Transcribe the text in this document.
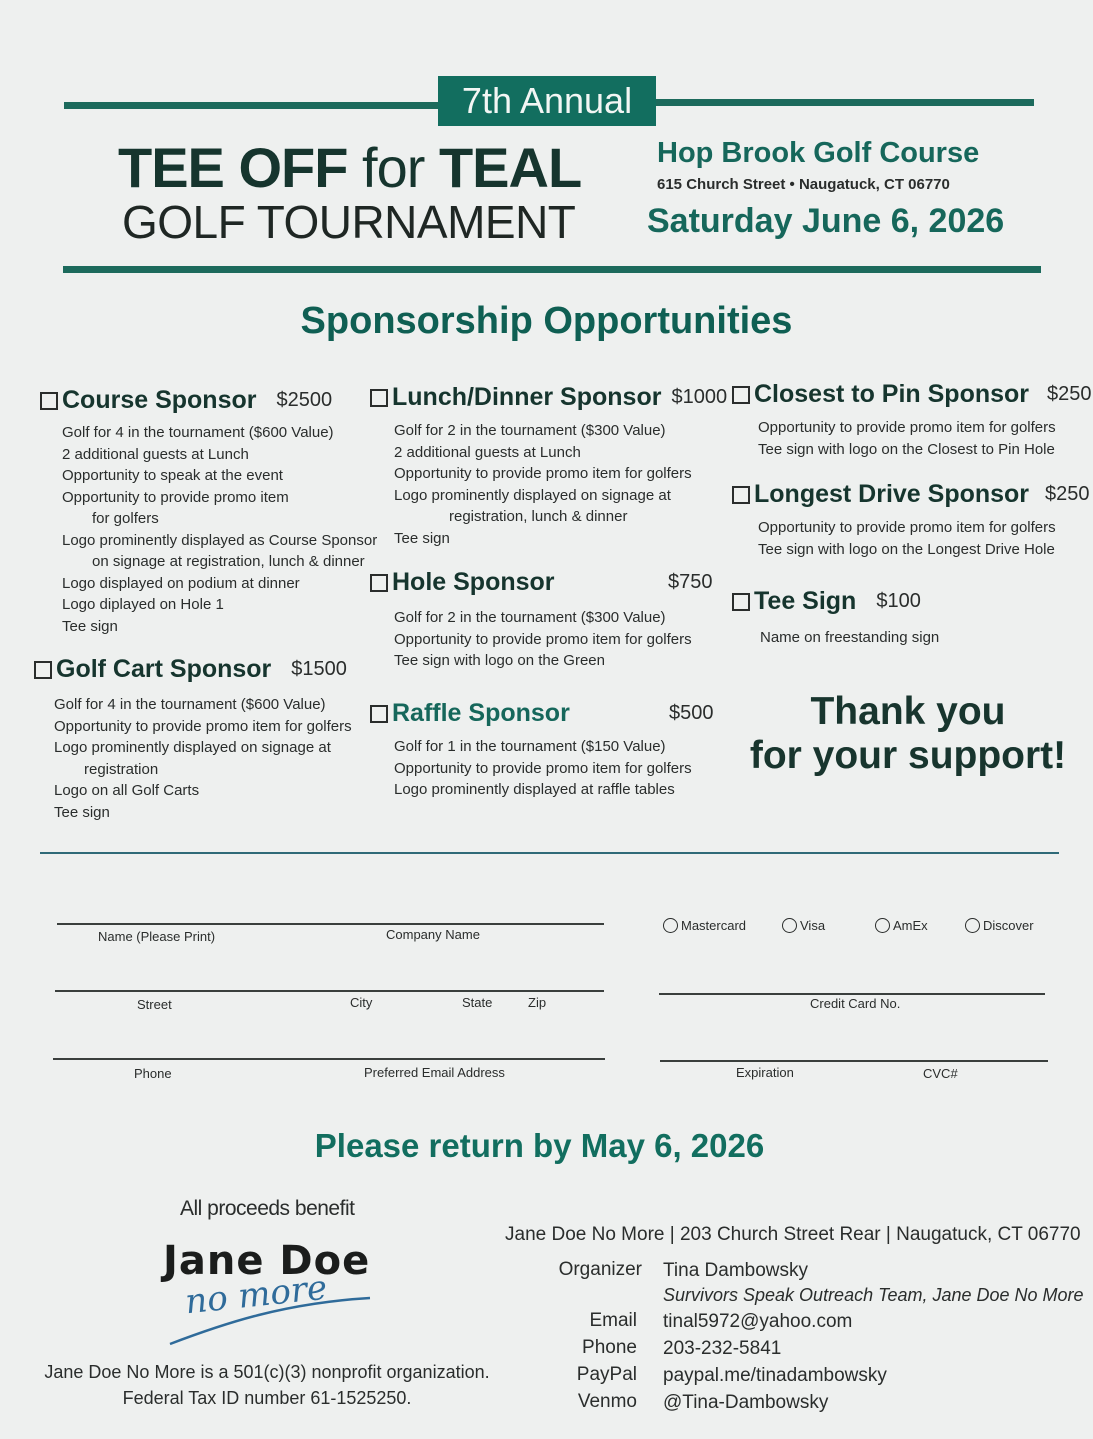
7th Annual
TEE OFF for TEAL
GOLF TOURNAMENT
Hop Brook Golf Course
615 Church Street • Naugatuck, CT 06770
Saturday June 6, 2026
Sponsorship Opportunities
Course Sponsor $2500
Golf for 4 in the tournament ($600 Value)
2 additional guests at Lunch
Opportunity to speak at the event
Opportunity to provide promo item
for golfers
Logo prominently displayed as Course Sponsor
on signage at registration, lunch & dinner
Logo displayed on podium at dinner
Logo diplayed on Hole 1
Tee sign
Golf Cart Sponsor $1500
Golf for 4 in the tournament ($600 Value)
Opportunity to provide promo item for golfers
Logo prominently displayed on signage at
registration
Logo on all Golf Carts
Tee sign
Lunch/Dinner Sponsor $1000
Golf for 2 in the tournament ($300 Value)
2 additional guests at Lunch
Opportunity to provide promo item for golfers
Logo prominently displayed on signage at
registration, lunch & dinner
Tee sign
Hole Sponsor	$750
Golf for 2 in the tournament ($300 Value)
Opportunity to provide promo item for golfers
Tee sign with logo on the Green
Raffle Sponsor	$500
Golf for 1 in the tournament ($150 Value)
Opportunity to provide promo item for golfers
Logo prominently displayed at raffle tables
Closest to Pin Sponsor $250
Opportunity to provide promo item for golfers
Tee sign with logo on the Closest to Pin Hole
Longest Drive Sponsor $250
Opportunity to provide promo item for golfers
Tee sign with logo on the Longest Drive Hole
Tee Sign $100
Name on freestanding sign
Thank you
for your support!
Name (Please Print)	Company Name
Street	City	State	Zip
Phone	Preferred Email Address
Mastercard	Visa	AmEx	Discover
Credit Card No.
Expiration	CVC#
Please return by May 6, 2026
All proceeds benefit
Jane Doe
no more
Jane Doe No More is a 501(c)(3) nonprofit organization.
Federal Tax ID number 61-1525250.
Jane Doe No More | 203 Church Street Rear | Naugatuck, CT 06770
Organizer Tina Dambowsky
Survivors Speak Outreach Team, Jane Doe No More
Email tinal5972@yahoo.com
Phone 203-232-5841
PayPal paypal.me/tinadambowsky
Venmo @Tina-Dambowsky
